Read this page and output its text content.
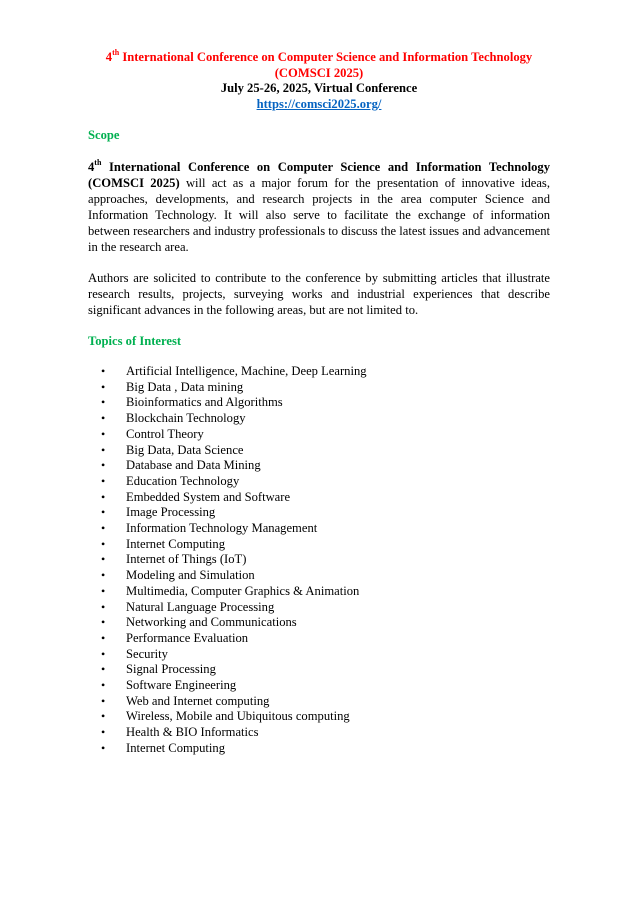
4th International Conference on Computer Science and Information Technology
(COMSCI 2025)
July 25-26, 2025, Virtual Conference
https://comsci2025.org/
Scope
4th International Conference on Computer Science and Information Technology (COMSCI 2025) will act as a major forum for the presentation of innovative ideas, approaches, developments, and research projects in the area computer Science and Information Technology. It will also serve to facilitate the exchange of information between researchers and industry professionals to discuss the latest issues and advancement in the research area.
Authors are solicited to contribute to the conference by submitting articles that illustrate research results, projects, surveying works and industrial experiences that describe significant advances in the following areas, but are not limited to.
Topics of Interest
• Artificial Intelligence, Machine, Deep Learning
• Big Data , Data mining
• Bioinformatics and Algorithms
• Blockchain Technology
• Control Theory
• Big Data, Data Science
• Database and Data Mining
• Education Technology
• Embedded System and Software
• Image Processing
• Information Technology Management
• Internet Computing
• Internet of Things (IoT)
• Modeling and Simulation
• Multimedia, Computer Graphics & Animation
• Natural Language Processing
• Networking and Communications
• Performance Evaluation
• Security
• Signal Processing
• Software Engineering
• Web and Internet computing
• Wireless, Mobile and Ubiquitous computing
• Health & BIO Informatics
• Internet Computing
